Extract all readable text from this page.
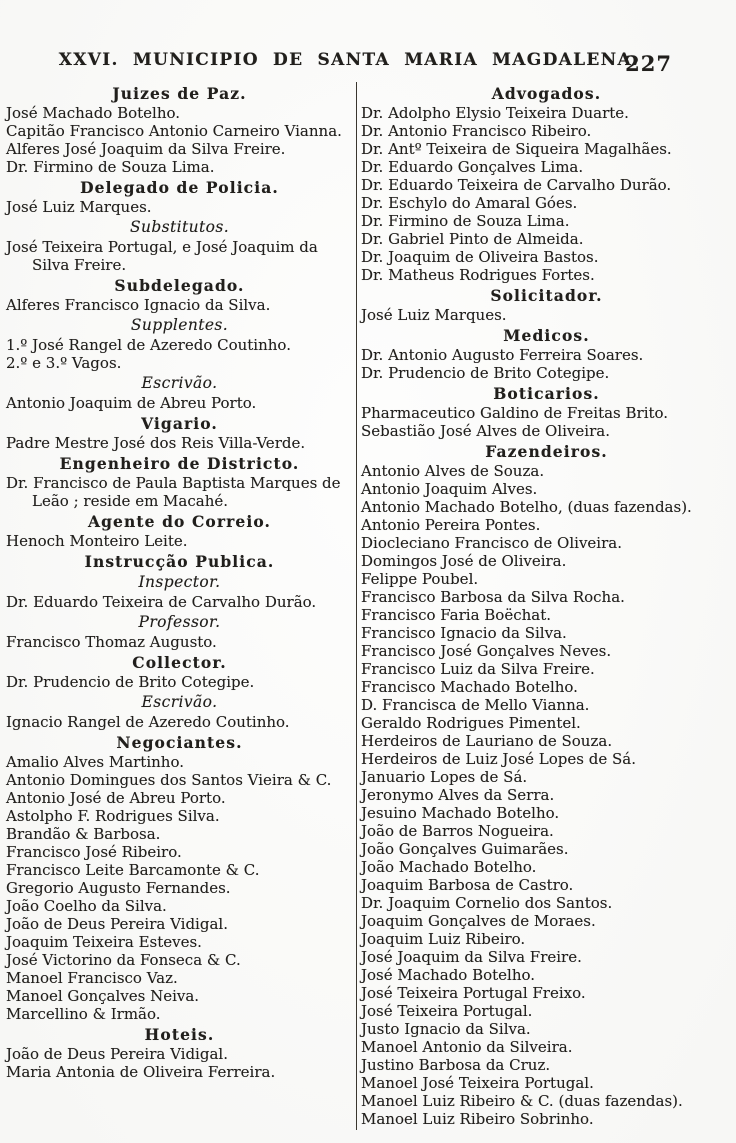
XXVI. MUNICIPIO DE SANTA MARIA MAGDALENA.
227
Juizes de Paz.
José Machado Botelho.
Capitão Francisco Antonio Carneiro Vianna.
Alferes José Joaquim da Silva Freire.
Dr. Firmino de Souza Lima.
Delegado de Policia.
José Luiz Marques.
Substitutos.
José Teixeira Portugal, e José Joaquim da Silva Freire.
Subdelegado.
Alferes Francisco Ignacio da Silva.
Supplentes.
1.º José Rangel de Azeredo Coutinho.
2.º e 3.º Vagos.
Escrivão.
Antonio Joaquim de Abreu Porto.
Vigario.
Padre Mestre José dos Reis Villa-Verde.
Engenheiro de Districto.
Dr. Francisco de Paula Baptista Marques de Leão ; reside em Macahé.
Agente do Correio.
Henoch Monteiro Leite.
Instrucção Publica.
Inspector.
Dr. Eduardo Teixeira de Carvalho Durão.
Professor.
Francisco Thomaz Augusto.
Collector.
Dr. Prudencio de Brito Cotegipe.
Escrivão.
Ignacio Rangel de Azeredo Coutinho.
Negociantes.
Amalio Alves Martinho.
Antonio Domingues dos Santos Vieira & C.
Antonio José de Abreu Porto.
Astolpho F. Rodrigues Silva.
Brandão & Barbosa.
Francisco José Ribeiro.
Francisco Leite Barcamonte & C.
Gregorio Augusto Fernandes.
João Coelho da Silva.
João de Deus Pereira Vidigal.
Joaquim Teixeira Esteves.
José Victorino da Fonseca & C.
Manoel Francisco Vaz.
Manoel Gonçalves Neiva.
Marcellino & Irmão.
Hoteis.
João de Deus Pereira Vidigal.
Maria Antonia de Oliveira Ferreira.
Advogados.
Dr. Adolpho Elysio Teixeira Duarte.
Dr. Antonio Francisco Ribeiro.
Dr. Antº Teixeira de Siqueira Magalhães.
Dr. Eduardo Gonçalves Lima.
Dr. Eduardo Teixeira de Carvalho Durão.
Dr. Eschylo do Amaral Góes.
Dr. Firmino de Souza Lima.
Dr. Gabriel Pinto de Almeida.
Dr. Joaquim de Oliveira Bastos.
Dr. Matheus Rodrigues Fortes.
Solicitador.
José Luiz Marques.
Medicos.
Dr. Antonio Augusto Ferreira Soares.
Dr. Prudencio de Brito Cotegipe.
Boticarios.
Pharmaceutico Galdino de Freitas Brito.
Sebastião José Alves de Oliveira.
Fazendeiros.
Antonio Alves de Souza.
Antonio Joaquim Alves.
Antonio Machado Botelho, (duas fazendas).
Antonio Pereira Pontes.
Diocleciano Francisco de Oliveira.
Domingos José de Oliveira.
Felippe Poubel.
Francisco Barbosa da Silva Rocha.
Francisco Faria Boëchat.
Francisco Ignacio da Silva.
Francisco José Gonçalves Neves.
Francisco Luiz da Silva Freire.
Francisco Machado Botelho.
D. Francisca de Mello Vianna.
Geraldo Rodrigues Pimentel.
Herdeiros de Lauriano de Souza.
Herdeiros de Luiz José Lopes de Sá.
Januario Lopes de Sá.
Jeronymo Alves da Serra.
Jesuino Machado Botelho.
João de Barros Nogueira.
João Gonçalves Guimarães.
João Machado Botelho.
Joaquim Barbosa de Castro.
Dr. Joaquim Cornelio dos Santos.
Joaquim Gonçalves de Moraes.
Joaquim Luiz Ribeiro.
José Joaquim da Silva Freire.
José Machado Botelho.
José Teixeira Portugal Freixo.
José Teixeira Portugal.
Justo Ignacio da Silva.
Manoel Antonio da Silveira.
Justino Barbosa da Cruz.
Manoel José Teixeira Portugal.
Manoel Luiz Ribeiro & C. (duas fazendas).
Manoel Luiz Ribeiro Sobrinho.
